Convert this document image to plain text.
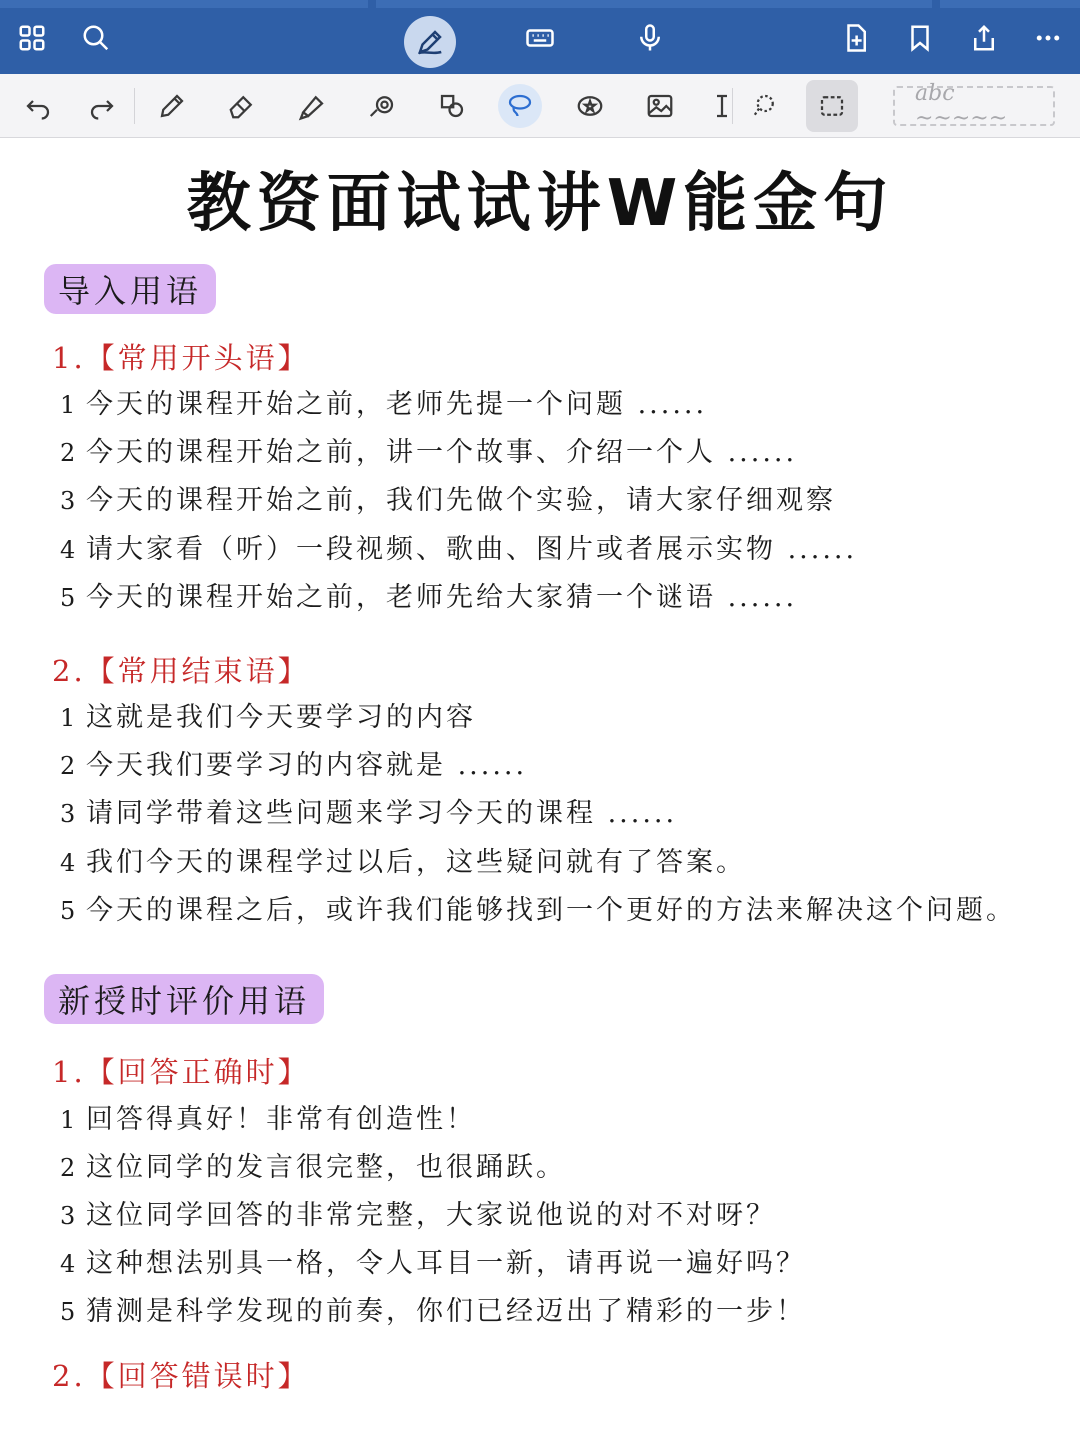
abc ~~~~~
教资面试试讲W能金句
导入用语
1.【常用开头语】
1 今天的课程开始之前，老师先提一个问题 ......
2 今天的课程开始之前，讲一个故事、介绍一个人 ......
3 今天的课程开始之前，我们先做个实验，请大家仔细观察
4 请大家看（听）一段视频、歌曲、图片或者展示实物 ......
5 今天的课程开始之前，老师先给大家猜一个谜语 ......
2.【常用结束语】
1 这就是我们今天要学习的内容
2 今天我们要学习的内容就是 ......
3 请同学带着这些问题来学习今天的课程 ......
4 我们今天的课程学过以后，这些疑问就有了答案。
5 今天的课程之后，或许我们能够找到一个更好的方法来解决这个问题。
新授时评价用语
1.【回答正确时】
1 回答得真好！非常有创造性！
2 这位同学的发言很完整，也很踊跃。
3 这位同学回答的非常完整，大家说他说的对不对呀？
4 这种想法别具一格，令人耳目一新，请再说一遍好吗？
5 猜测是科学发现的前奏，你们已经迈出了精彩的一步！
2.【回答错误时】
